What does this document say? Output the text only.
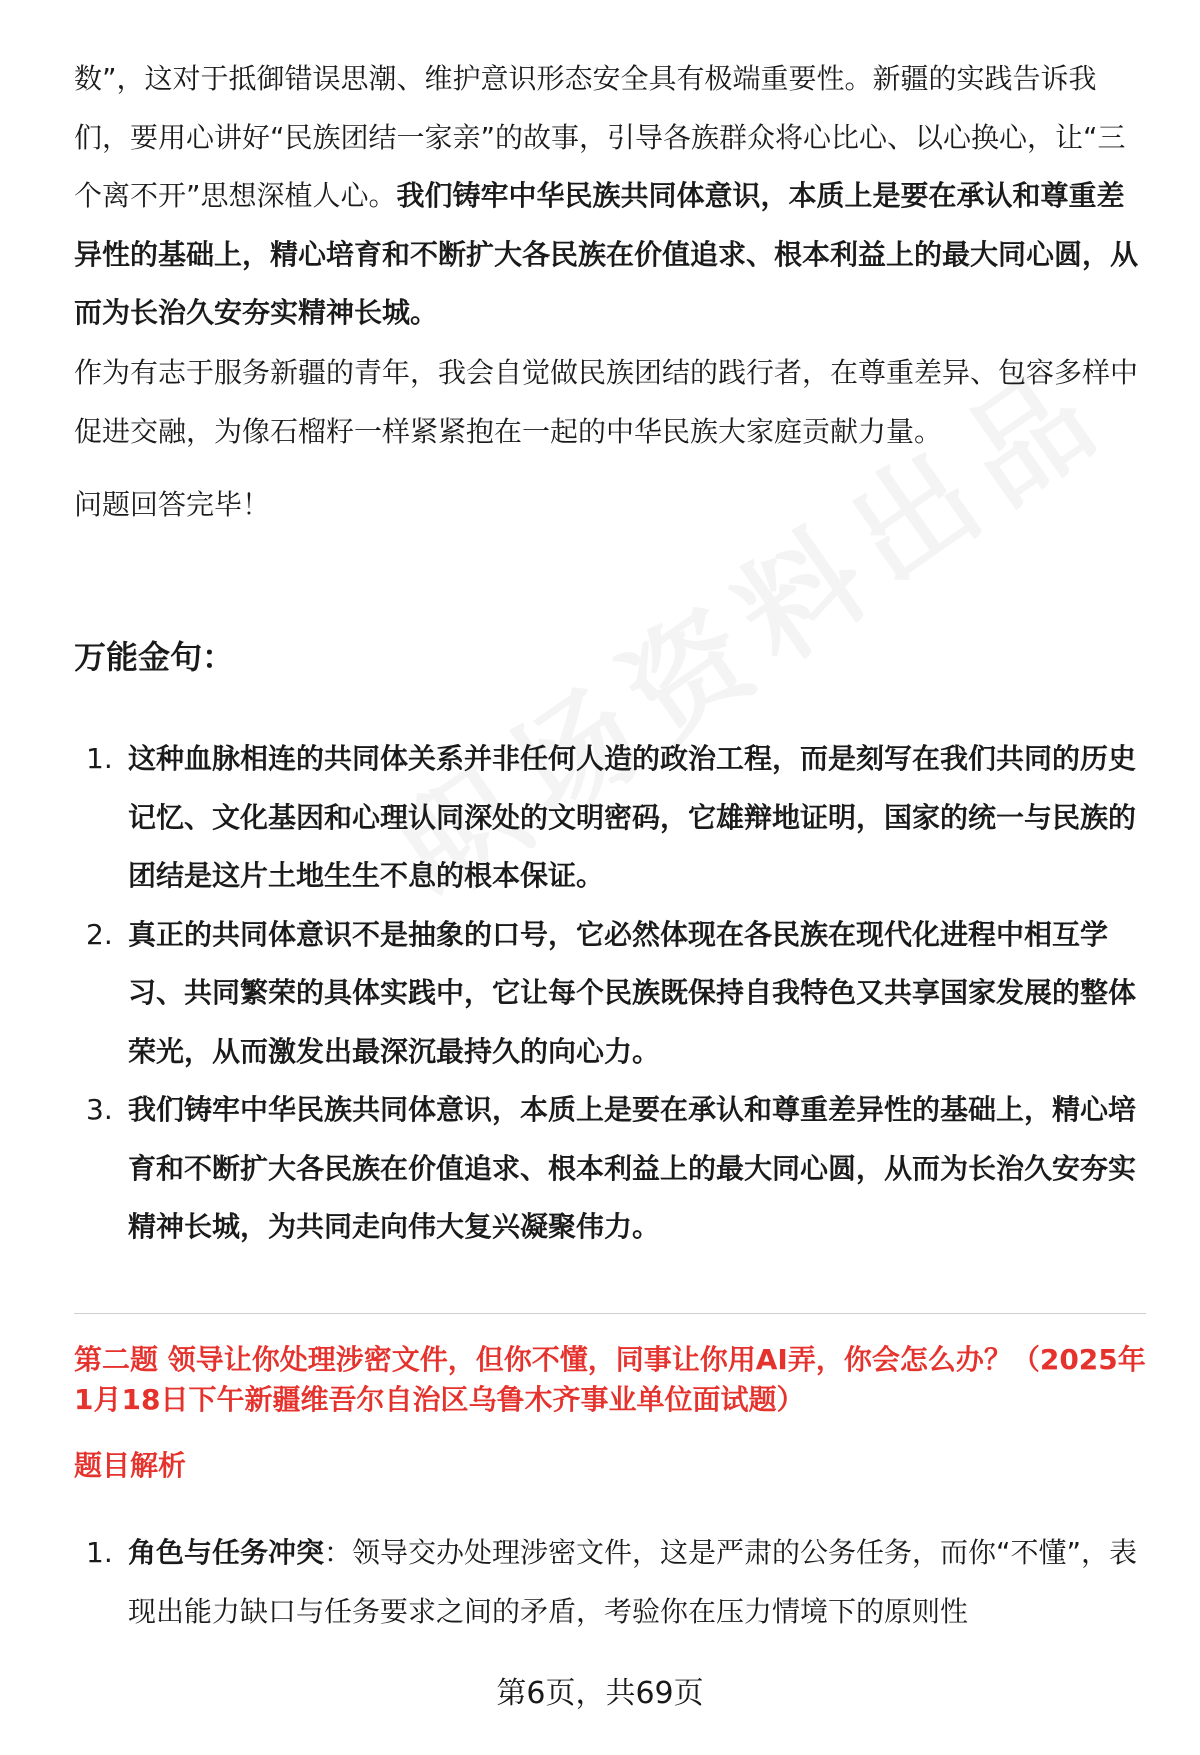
数”，这对于抵御错误思潮、维护意识形态安全具有极端重要性。新疆的实践告诉我们，要用心讲好“民族团结一家亲”的故事，引导各族群众将心比心、以心换心，让“三个离不开”思想深植人心。我们铸牢中华民族共同体意识，本质上是要在承认和尊重差异性的基础上，精心培育和不断扩大各民族在价值追求、根本利益上的最大同心圆，从而为长治久安夯实精神长城。

作为有志于服务新疆的青年，我会自觉做民族团结的践行者，在尊重差异、包容多样中促进交融，为像石榴籽一样紧紧抱在一起的中华民族大家庭贡献力量。

问题回答完毕！

万能金句：
1. 这种血脉相连的共同体关系并非任何人造的政治工程，而是刻写在我们共同的历史记忆、文化基因和心理认同深处的文明密码，它雄辩地证明，国家的统一与民族的团结是这片土地生生不息的根本保证。
2. 真正的共同体意识不是抽象的口号，它必然体现在各民族在现代化进程中相互学习、共同繁荣的具体实践中，它让每个民族既保持自我特色又共享国家发展的整体荣光，从而激发出最深沉最持久的向心力。
3. 我们铸牢中华民族共同体意识，本质上是要在承认和尊重差异性的基础上，精心培育和不断扩大各民族在价值追求、根本利益上的最大同心圆，从而为长治久安夯实精神长城，为共同走向伟大复兴凝聚伟力。

第二题 领导让你处理涉密文件，但你不懂，同事让你用AI弄，你会怎么办？（2025年1月18日下午新疆维吾尔自治区乌鲁木齐事业单位面试题）

题目解析

1. 角色与任务冲突：领导交办处理涉密文件，这是严肃的公务任务，而你“不懂”，表现出能力缺口与任务要求之间的矛盾，考验你在压力情境下的原则性
第6页，共69页
